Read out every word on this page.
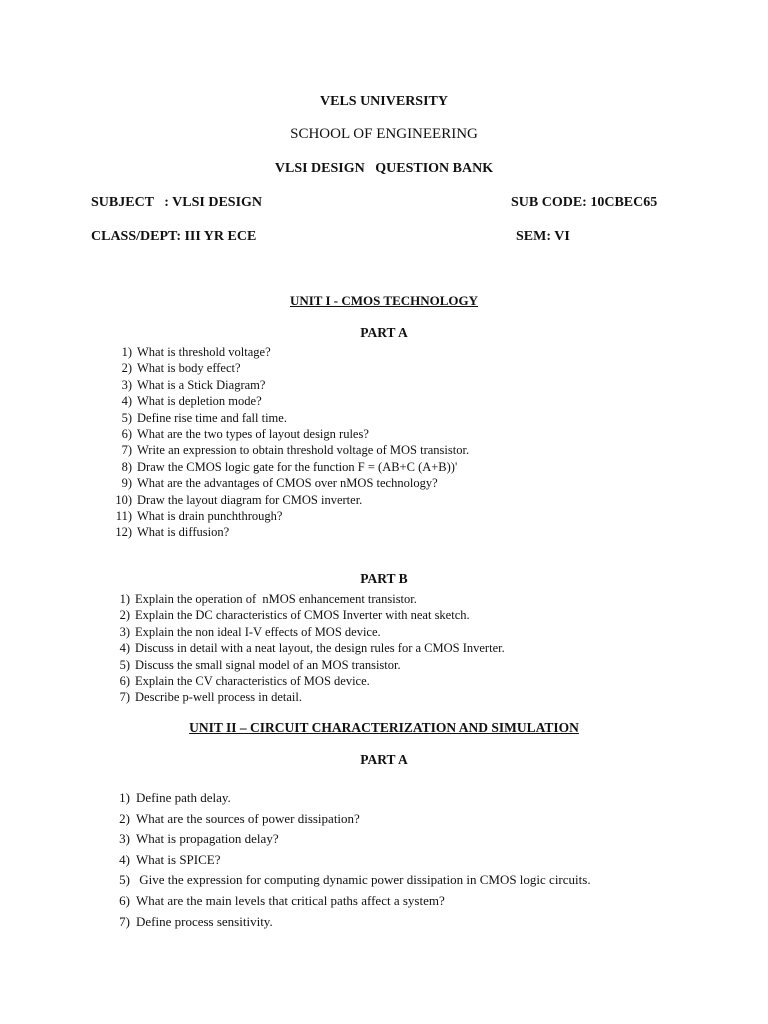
VELS UNIVERSITY
SCHOOL OF ENGINEERING
VLSI DESIGN   QUESTION BANK
SUBJECT   : VLSI DESIGN	SUB CODE: 10CBEC65
CLASS/DEPT: III YR ECE	SEM: VI
UNIT I - CMOS TECHNOLOGY
PART A
1) What is threshold voltage?
2) What is body effect?
3) What is a Stick Diagram?
4) What is depletion mode?
5) Define rise time and fall time.
6) What are the two types of layout design rules?
7) Write an expression to obtain threshold voltage of MOS transistor.
8) Draw the CMOS logic gate for the function F = (AB+C (A+B))'
9) What are the advantages of CMOS over nMOS technology?
10) Draw the layout diagram for CMOS inverter.
11) What is drain punchthrough?
12) What is diffusion?
PART B
1) Explain the operation of  nMOS enhancement transistor.
2) Explain the DC characteristics of CMOS Inverter with neat sketch.
3) Explain the non ideal I-V effects of MOS device.
4) Discuss in detail with a neat layout, the design rules for a CMOS Inverter.
5) Discuss the small signal model of an MOS transistor.
6) Explain the CV characteristics of MOS device.
7) Describe p-well process in detail.
UNIT II – CIRCUIT CHARACTERIZATION AND SIMULATION
PART A
1) Define path delay.
2) What are the sources of power dissipation?
3) What is propagation delay?
4) What is SPICE?
5) Give the expression for computing dynamic power dissipation in CMOS logic circuits.
6) What are the main levels that critical paths affect a system?
7) Define process sensitivity.
